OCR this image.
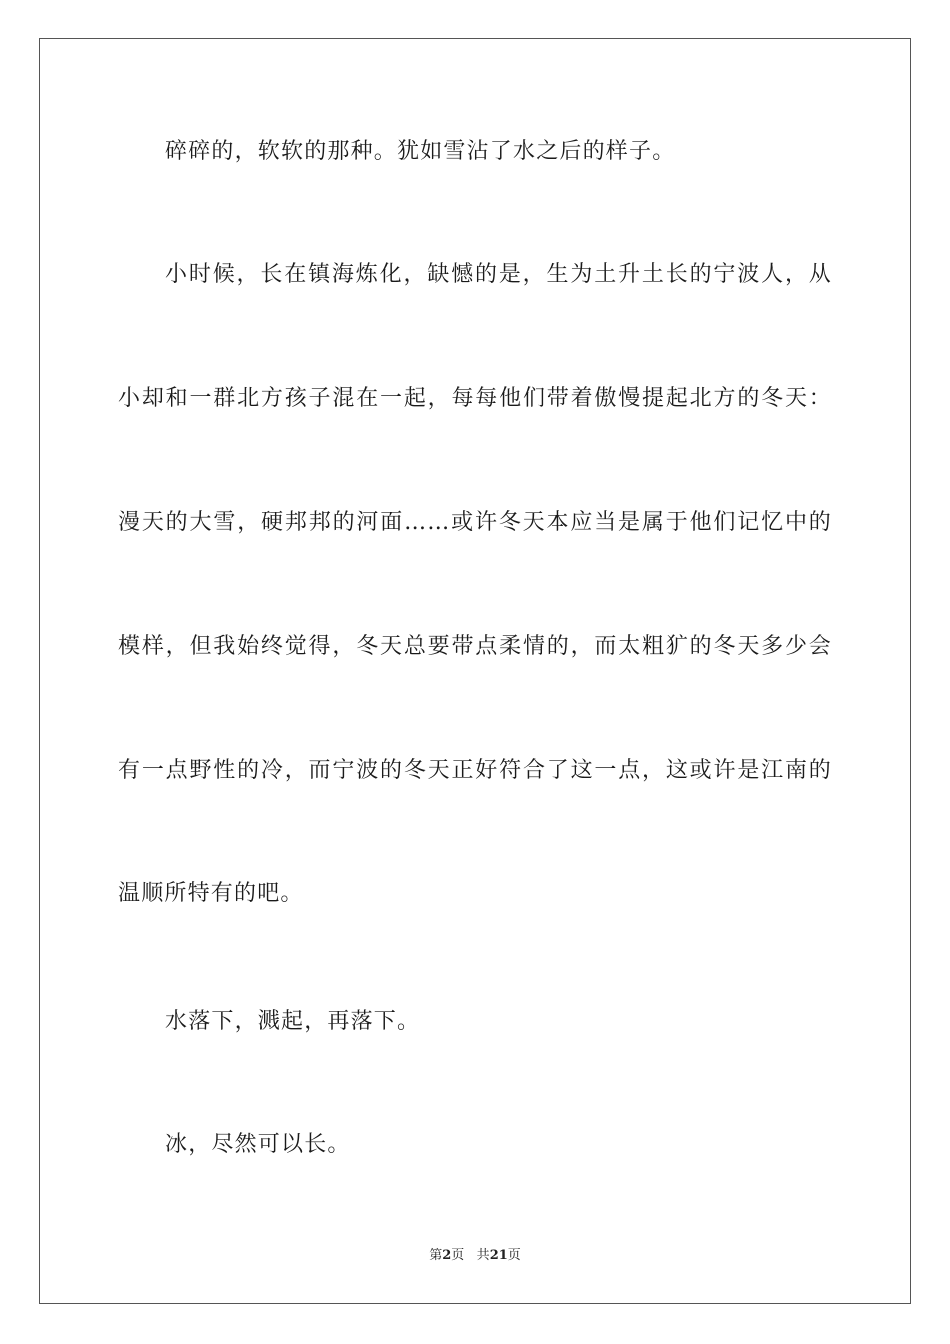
碎碎的，软软的那种。犹如雪沾了水之后的样子。
小时候，长在镇海炼化，缺憾的是，生为土升土长的宁波人，从
小却和一群北方孩子混在一起，每每他们带着傲慢提起北方的冬天：
漫天的大雪，硬邦邦的河面……或许冬天本应当是属于他们记忆中的
模样，但我始终觉得，冬天总要带点柔情的，而太粗犷的冬天多少会
有一点野性的冷，而宁波的冬天正好符合了这一点，这或许是江南的
温顺所特有的吧。
水落下，溅起，再落下。
冰，尽然可以长。
第2页 共21页
